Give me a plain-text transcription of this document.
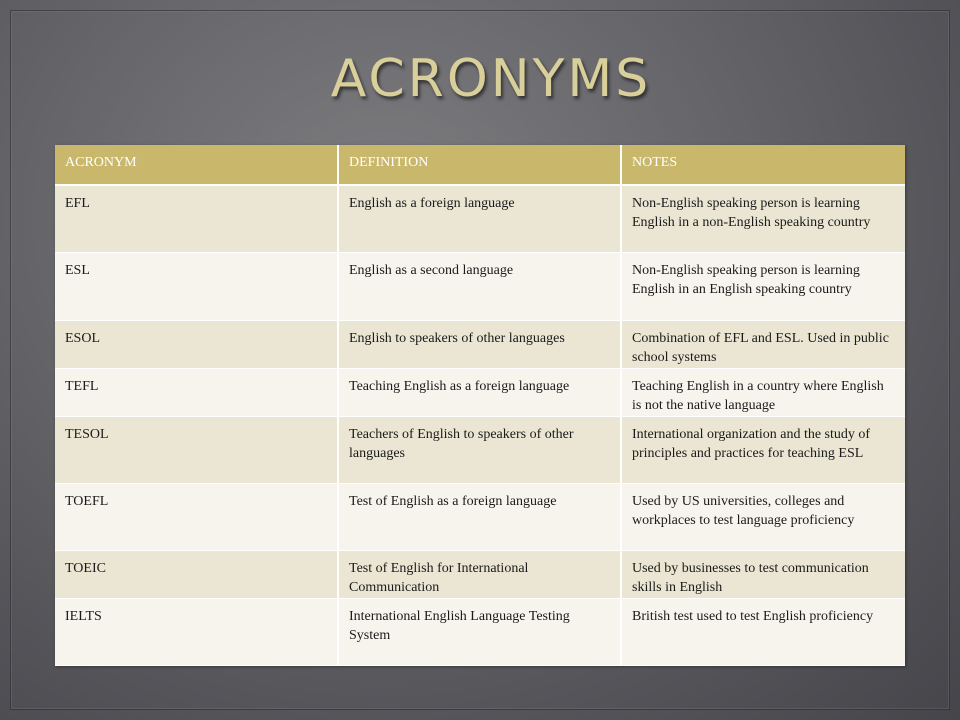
ACRONYMS
ACRONYM	DEFINITION	NOTES
EFL	English as a foreign language	Non-English speaking person is learning English in a non-English speaking country
ESL	English as a second language	Non-English speaking person is learning English in an English speaking country
ESOL	English to speakers of other languages	Combination of EFL and ESL. Used in public school systems
TEFL	Teaching English as a foreign language	Teaching English in a country where English is not the native language
TESOL	Teachers of English to speakers of other languages	International organization and the study of principles and practices for teaching ESL
TOEFL	Test of English as a foreign language	Used by US universities, colleges and workplaces to test language proficiency
TOEIC	Test of English for International Communication	Used by businesses to test communication skills in English
IELTS	International English Language Testing System	British test used to test English proficiency
